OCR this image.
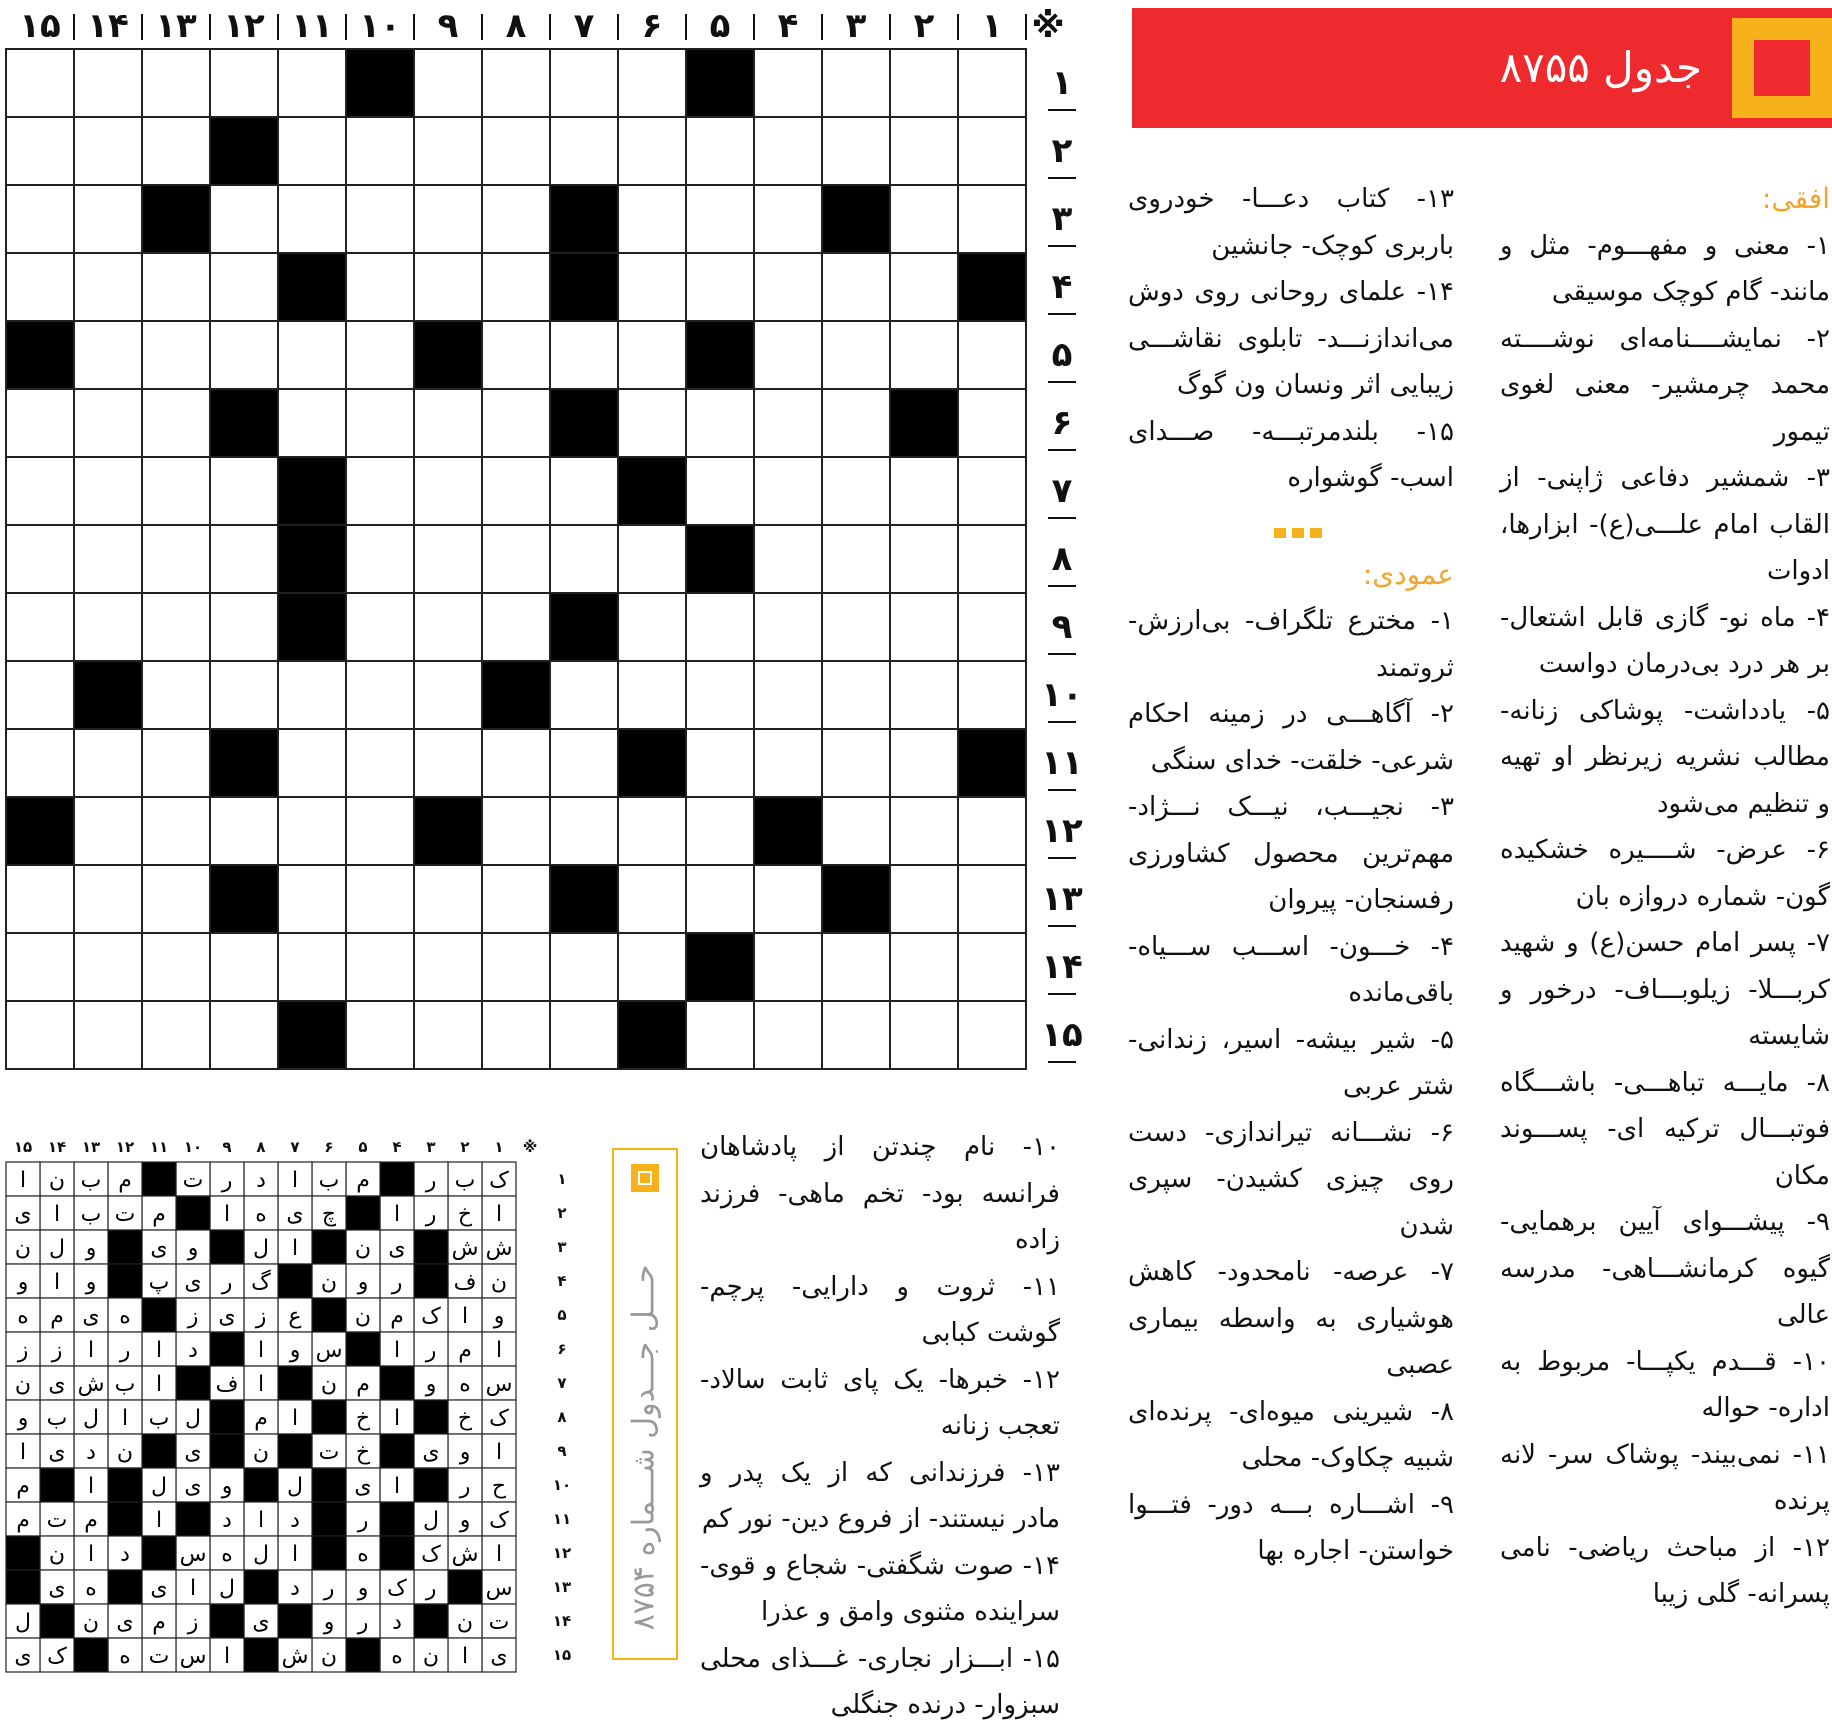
※
۱
۲
۳
۴
۵
۶
۷
۸
۹
۱۰
۱۱
۱۲
۱۳
۱۴
۱۵
۱
۲
۳
۴
۵
۶
۷
۸
۹
۱۰
۱۱
۱۲
۱۳
۱۴
۱۵
جدول ۸۷۵۵
افقی:
۱- معنی و مفهـــوم- مثل و مانند- گام کوچک موسیقی
۲- نمایشــــنامه‌ای نوشــــته محمد چرمشیر- معنی لغوی تیمور
۳- شمشیر دفاعی ژاپنی- از القاب امام علـــی(ع)- ابزارها، ادوات
۴- ماه نو- گازی قابل اشتعال- بر هر درد بی‌درمان دواست
۵- یادداشت- پوشاکی زنانه- مطالب نشریه زیرنظر او تهیه و تنظیم می‌شود
۶- عرض- شــــیره خشکیده گون- شماره دروازه بان
۷- پسر امام حسن(ع) و شهید کربـــلا- زیلوبـــاف- درخور و شایسته
۸- مایـــه تباهـــی- باشـــگاه فوتبـــال ترکیه ای- پســـوند مکان
۹- پیشـــوای آیین برهمایی- گیوه کرمانشـــاهی- مدرسه عالی
۱۰- قـــدم یکپـــا- مربوط به اداره- حواله
۱۱- نمی‌بیند- پوشاک سر- لانه پرنده
۱۲- از مباحث ریاضی- نامی پسرانه- گلی زیبا
۱۳- کتاب دعـــا- خودروی باربری کوچک- جانشین
۱۴- علمای روحانی روی دوش می‌اندازنـــد- تابلوی نقاشـــی زیبایی اثر ونسان ون گوگ
۱۵- بلندمرتبـــه- صـــدای اسب- گوشواره
عمودی:
۱- مخترع تلگراف- بی‌ارزش- ثروتمند
۲- آگاهـــی در زمینه احکام شرعی- خلقت- خدای سنگی
۳- نجیـــب، نیـــک نـــژاد- مهم‌ترین محصول کشاورزی رفسنجان- پیروان
۴- خـــون- اســـب ســـیاه- باقی‌مانده
۵- شیر بیشه- اسیر، زندانی- شتر عربی
۶- نشـــانه تیراندازی- دست روی چیزی کشیدن- سپری شدن
۷- عرصه- نامحدود- کاهش هوشیاری به واسطه بیماری عصبی
۸- شیرینی میوه‌ای- پرنده‌ای شبیه چکاوک- محلی
۹- اشـــاره بـــه دور- فتـــوا خواستن- اجاره بها
۱۰- نام چندتن از پادشاهان فرانسه بود- تخم ماهی- فرزند زاده
۱۱- ثروت و دارایی- پرچم- گوشت کبابی
۱۲- خبرها- یک پای ثابت سالاد- تعجب زنانه
۱۳- فرزندانی که از یک پدر و مادر نیستند- از فروع دین- نور کم
۱۴- صوت شگفتی- شجاع و قوی- سراینده مثنوی وامق و عذرا
۱۵- ابـــزار نجاری- غـــذای محلی سبزوار- درنده جنگلی
※
۱
۲
۳
۴
۵
۶
۷
۸
۹
۱۰
۱۱
۱۲
۱۳
۱۴
۱۵
ک
ب
ر
م
ب
ا
د
ر
ت
م
ب
ن
ا
ا
خ
ر
ا
چ
ی
ه
ا
م
ت
ب
ا
ی
ش
ش
ی
ن
ا
ل
و
ی
و
ل
ن
ن
ف
ر
و
ن
گ
ر
ی
پ
و
ا
و
و
ا
ک
م
ن
ع
ز
ی
ز
ه
ی
م
ه
ا
م
ر
ا
س
و
ا
د
ا
ر
ا
ز
ز
س
ه
و
م
ن
ا
ف
ا
ب
ش
ی
ن
ک
خ
ا
خ
ا
م
ل
ب
ا
ل
ب
و
ا
و
ی
خ
ت
ن
ی
ن
د
ی
ا
ح
ر
ا
ی
ل
و
ی
ل
ا
م
ک
و
ل
ر
د
ا
د
ا
م
ت
م
ا
ش
ک
ه
ا
ل
ه
س
د
ا
ن
س
ر
ک
و
ر
د
ل
ا
ی
ه
ی
ت
ن
د
ر
و
ی
ز
م
ی
ن
ل
ی
ا
ن
ه
ن
ش
ا
س
ت
ه
ک
ی
۱
۲
۳
۴
۵
۶
۷
۸
۹
۱۰
۱۱
۱۲
۱۳
۱۴
۱۵
حـــل جـــدول شـــماره ۸۷۵۴
